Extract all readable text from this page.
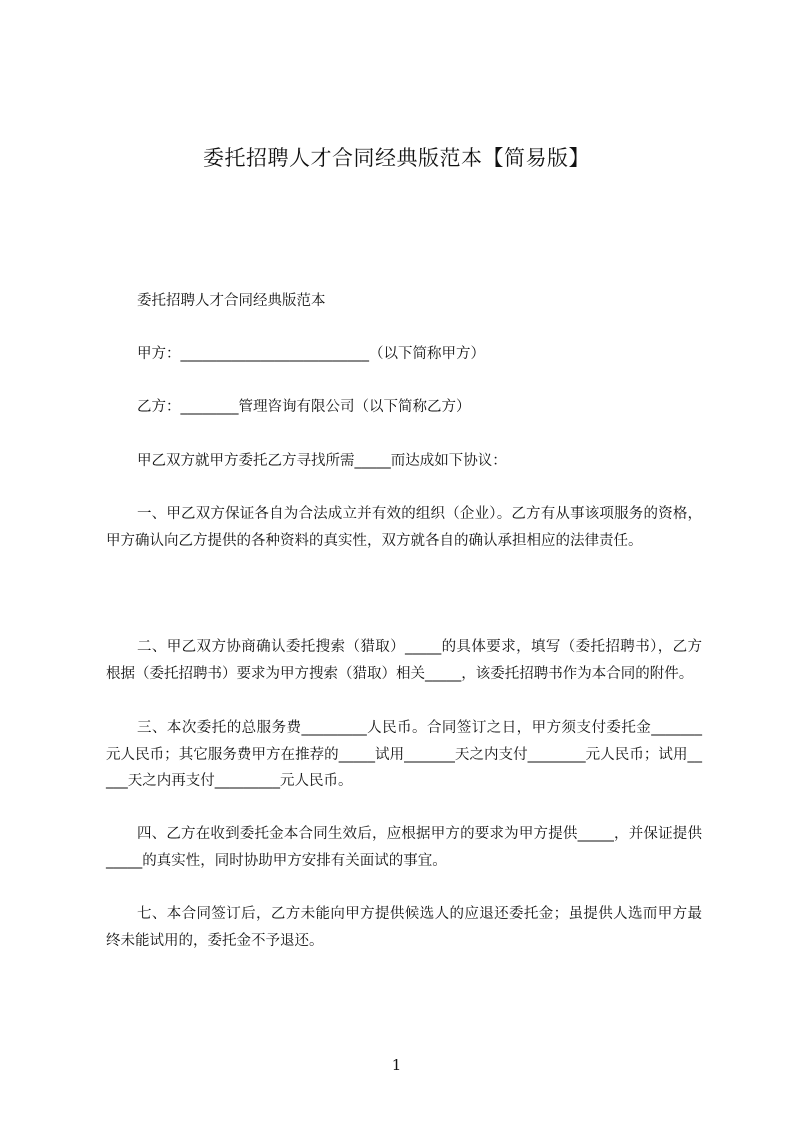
委托招聘人才合同经典版范本【简易版】
委托招聘人才合同经典版范本
甲方：__________________________（以下简称甲方）
乙方：________管理咨询有限公司（以下简称乙方）
甲乙双方就甲方委托乙方寻找所需_____而达成如下协议：
一、甲乙双方保证各自为合法成立并有效的组织（企业）。乙方有从事该项服务的资格，甲方确认向乙方提供的各种资料的真实性，双方就各自的确认承担相应的法律责任。
二、甲乙双方协商确认委托搜索（猎取）_____的具体要求，填写（委托招聘书），乙方根据（委托招聘书）要求为甲方搜索（猎取）相关_____，该委托招聘书作为本合同的附件。
三、本次委托的总服务费_________人民币。合同签订之日，甲方须支付委托金_______元人民币；其它服务费甲方在推荐的_____试用_______天之内支付________元人民币；试用_____天之内再支付_________元人民币。
四、乙方在收到委托金本合同生效后，应根据甲方的要求为甲方提供_____，并保证提供_____的真实性，同时协助甲方安排有关面试的事宜。
七、本合同签订后，乙方未能向甲方提供候选人的应退还委托金；虽提供人选而甲方最终未能试用的，委托金不予退还。
1
